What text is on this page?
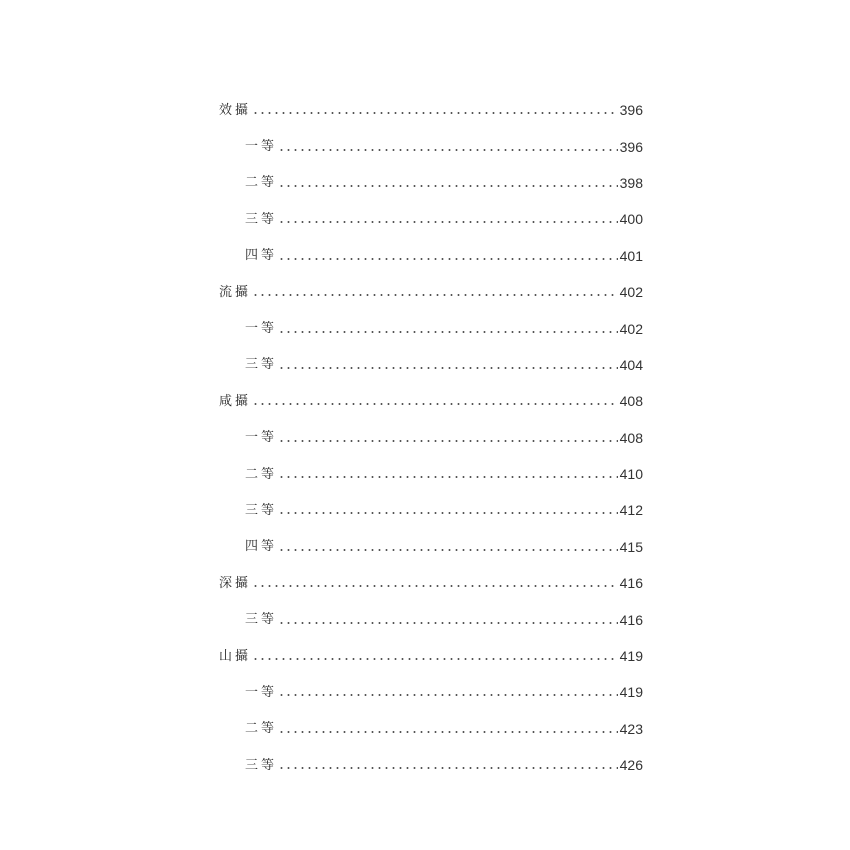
效攝	396
一等	396
二等	398
三等	400
四等	401
流攝	402
一等	402
三等	404
咸攝	408
一等	408
二等	410
三等	412
四等	415
深攝	416
三等	416
山攝	419
一等	419
二等	423
三等	426
